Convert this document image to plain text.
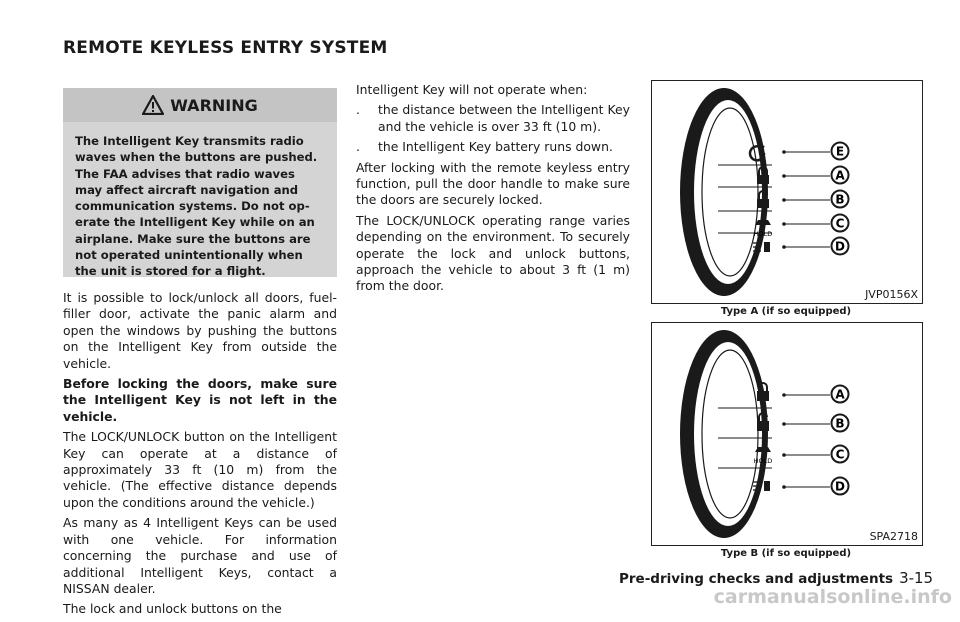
REMOTE KEYLESS ENTRY SYSTEM
WARNING
The Intelligent Key transmits radio
waves when the buttons are pushed.
The FAA advises that radio waves
may affect aircraft navigation and
communication systems. Do not op-
erate the Intelligent Key while on an
airplane. Make sure the buttons are
not operated unintentionally when
the unit is stored for a flight.

It is possible to lock/unlock all doors, fuel-filler door, activate the panic alarm and open the windows by pushing the buttons on the Intelligent Key from outside the vehicle.

Before locking the doors, make sure the Intelligent Key is not left in the vehicle.

The LOCK/UNLOCK button on the Intelligent Key can operate at a distance of approximately 33 ft (10 m) from the vehicle. (The effective distance depends upon the conditions around the vehicle.)

As many as 4 Intelligent Keys can be used with one vehicle. For information concerning the purchase and use of additional Intelligent Keys, contact a NISSAN dealer.

The lock and unlock buttons on the

Intelligent Key will not operate when:

.	the distance between the Intelligent Key and the vehicle is over 33 ft (10 m).
.	the Intelligent Key battery runs down.

After locking with the remote keyless entry function, pull the door handle to make sure the doors are securely locked.

The LOCK/UNLOCK operating range varies depending on the environment. To securely operate the lock and unlock buttons, approach the vehicle to about 3 ft (1 m) from the door.

HOLD
E
A
B
C
D
JVP0156X
Type A (if so equipped)
HOLD
A
B
C
D
SPA2718
Type B (if so equipped)
Pre-driving checks and adjustments 3-15
carmanualsonline.info
